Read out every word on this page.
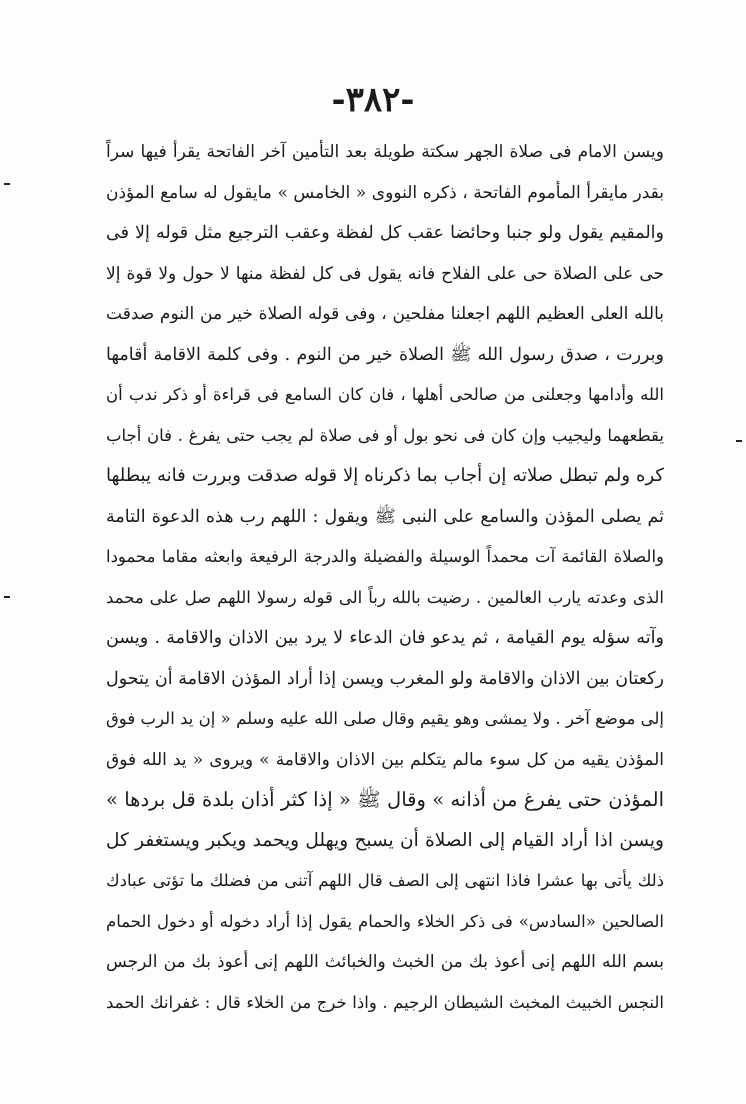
-٣٨٢-
ويسن الامام فى صلاة الجهر سكتة طويلة بعد التأمين آخر الفاتحة يقرأ فيها سراً
بقدر مايقرأ المأموم الفاتحة ، ذكره النووى « الخامس » مايقول له سامع المؤذن
والمقيم يقول ولو جنبا وحائضا عقب كل لفظة وعقب الترجيع مثل قوله إلا فى
حى على الصلاة حى على الفلاح فانه يقول فى كل لفظة منها لا حول ولا قوة إلا
بالله العلى العظيم اللهم اجعلنا مفلحين ، وفى قوله الصلاة خير من النوم صدقت
وبررت ، صدق رسول الله ﷺ الصلاة خير من النوم . وفى كلمة الاقامة أقامها
الله وأدامها وجعلنى من صالحى أهلها ، فان كان السامع فى قراءة أو ذكر ندب أن
يقطعهما وليجيب وإن كان فى نحو بول أو فى صلاة لم يجب حتى يفرغ . فان أجاب
كره ولم تبطل صلاته إن أجاب بما ذكرناه إلا قوله صدقت وبررت فانه يبطلها
ثم يصلى المؤذن والسامع على النبى ﷺ ويقول : اللهم رب هذه الدعوة التامة
والصلاة القائمة آت محمداً الوسيلة والفضيلة والدرجة الرفيعة وابعثه مقاما محمودا
الذى وعدته يارب العالمين . رضيت بالله رباً الى قوله رسولا اللهم صل على محمد
وآته سؤله يوم القيامة ، ثم يدعو فان الدعاء لا يرد بين الاذان والاقامة . ويسن
ركعتان بين الاذان والاقامة ولو المغرب ويسن إذا أراد المؤذن الاقامة أن يتحول
إلى موضع آخر . ولا يمشى وهو يقيم وقال صلى الله عليه وسلم « إن يد الرب فوق
المؤذن يقيه من كل سوء مالم يتكلم بين الاذان والاقامة » ويروى « يد الله فوق
المؤذن حتى يفرغ من أذانه » وقال ﷺ « إذا كثر أذان بلدة قل بردها »
ويسن اذا أراد القيام إلى الصلاة أن يسبح ويهلل ويحمد ويكبر ويستغفر كل
ذلك يأتى بها عشرا فاذا انتهى إلى الصف قال اللهم آتنى من فضلك ما تؤتى عبادك
الصالحين «السادس» فى ذكر الخلاء والحمام يقول إذا أراد دخوله أو دخول الحمام
بسم الله اللهم إنى أعوذ بك من الخبث والخبائث اللهم إنى أعوذ بك من الرجس
النجس الخبيث المخبث الشيطان الرجيم . واذا خرج من الخلاء قال : غفرانك الحمد
